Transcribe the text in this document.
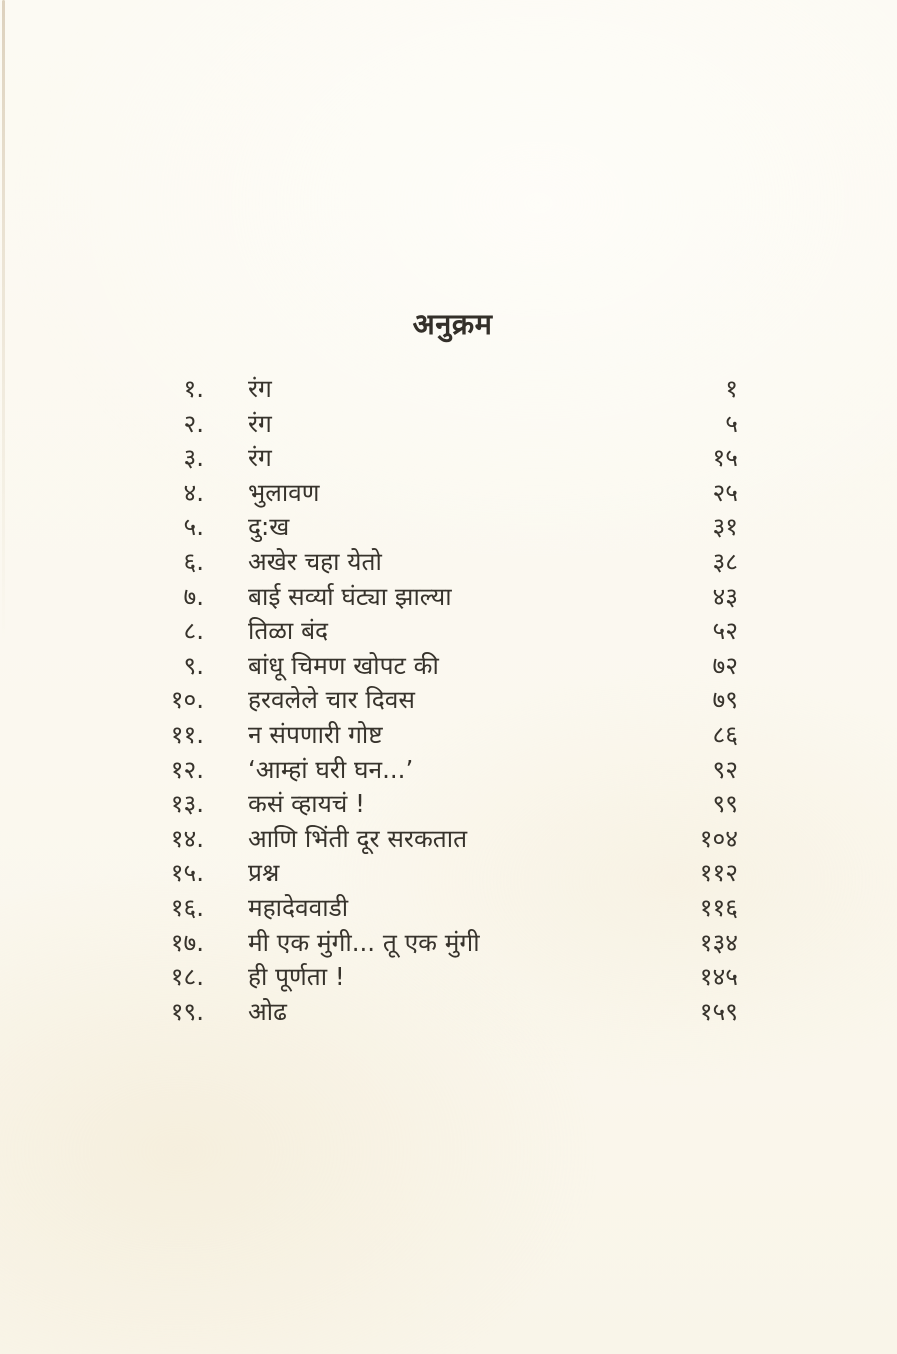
अनुक्रम
१. रंग	१
२. रंग	५
३. रंग	१५
४. भुलावण	२५
५. दु:ख	३१
६. अखेर चहा येतो	३८
७. बाई सर्व्या घंट्या झाल्या	४३
८. तिळा बंद	५२
९. बांधू चिमण खोपट की	७२
१०. हरवलेले चार दिवस	७९
११. न संपणारी गोष्ट	८६
१२. ‘आम्हां घरी घन...’	९२
१३. कसं व्हायचं !	९९
१४. आणि भिंती दूर सरकतात	१०४
१५. प्रश्न	११२
१६. महादेववाडी	११६
१७. मी एक मुंगी... तू एक मुंगी	१३४
१८. ही पूर्णता !	१४५
१९. ओढ	१५९
